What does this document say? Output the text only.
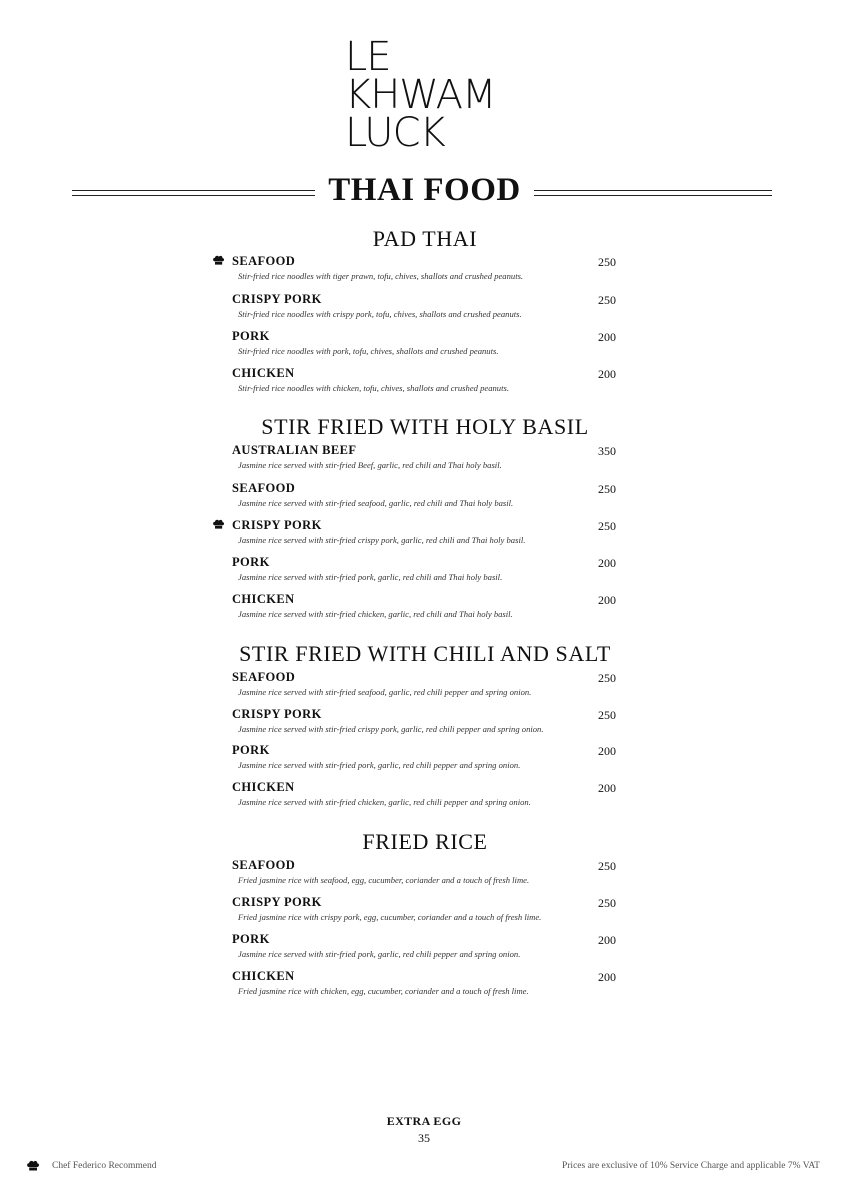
LE
KHWAM
LUCK
THAI FOOD
PAD THAI
SEAFOOD	250
Stir-fried rice noodles with tiger prawn, tofu, chives, shallots and crushed peanuts.
CRISPY PORK	250
Stir-fried rice noodles with crispy pork, tofu, chives, shallots and crushed peanuts.
PORK	200
Stir-fried rice noodles with pork, tofu, chives, shallots and crushed peanuts.
CHICKEN	200
Stir-fried rice noodles with chicken, tofu, chives, shallots and crushed peanuts.
STIR FRIED WITH HOLY BASIL
AUSTRALIAN BEEF	350
Jasmine rice served with stir-fried Beef, garlic, red chili and Thai holy basil.
SEAFOOD	250
Jasmine rice served with stir-fried seafood, garlic, red chili and Thai holy basil.
CRISPY PORK	250
Jasmine rice served with stir-fried crispy pork, garlic, red chili and Thai holy basil.
PORK	200
Jasmine rice served with stir-fried pork, garlic, red chili and Thai holy basil.
CHICKEN	200
Jasmine rice served with stir-fried chicken, garlic, red chili and Thai holy basil.
STIR FRIED WITH CHILI AND SALT
SEAFOOD	250
Jasmine rice served with stir-fried seafood, garlic, red chili pepper and spring onion.
CRISPY PORK	250
Jasmine rice served with stir-fried crispy pork, garlic, red chili pepper and spring onion.
PORK	200
Jasmine rice served with stir-fried pork, garlic, red chili pepper and spring onion.
CHICKEN	200
Jasmine rice served with stir-fried chicken, garlic, red chili pepper and spring onion.
FRIED RICE
SEAFOOD	250
Fried jasmine rice with seafood, egg, cucumber, coriander and a touch of fresh lime.
CRISPY PORK	250
Fried jasmine rice with crispy pork, egg, cucumber, coriander and a touch of fresh lime.
PORK	200
Jasmine rice served with stir-fried pork, garlic, red chili pepper and spring onion.
CHICKEN	200
Fried jasmine rice with chicken, egg, cucumber, coriander and a touch of fresh lime.
EXTRA EGG
35
Chef Federico Recommend	Prices are exclusive of 10% Service Charge and applicable 7% VAT
